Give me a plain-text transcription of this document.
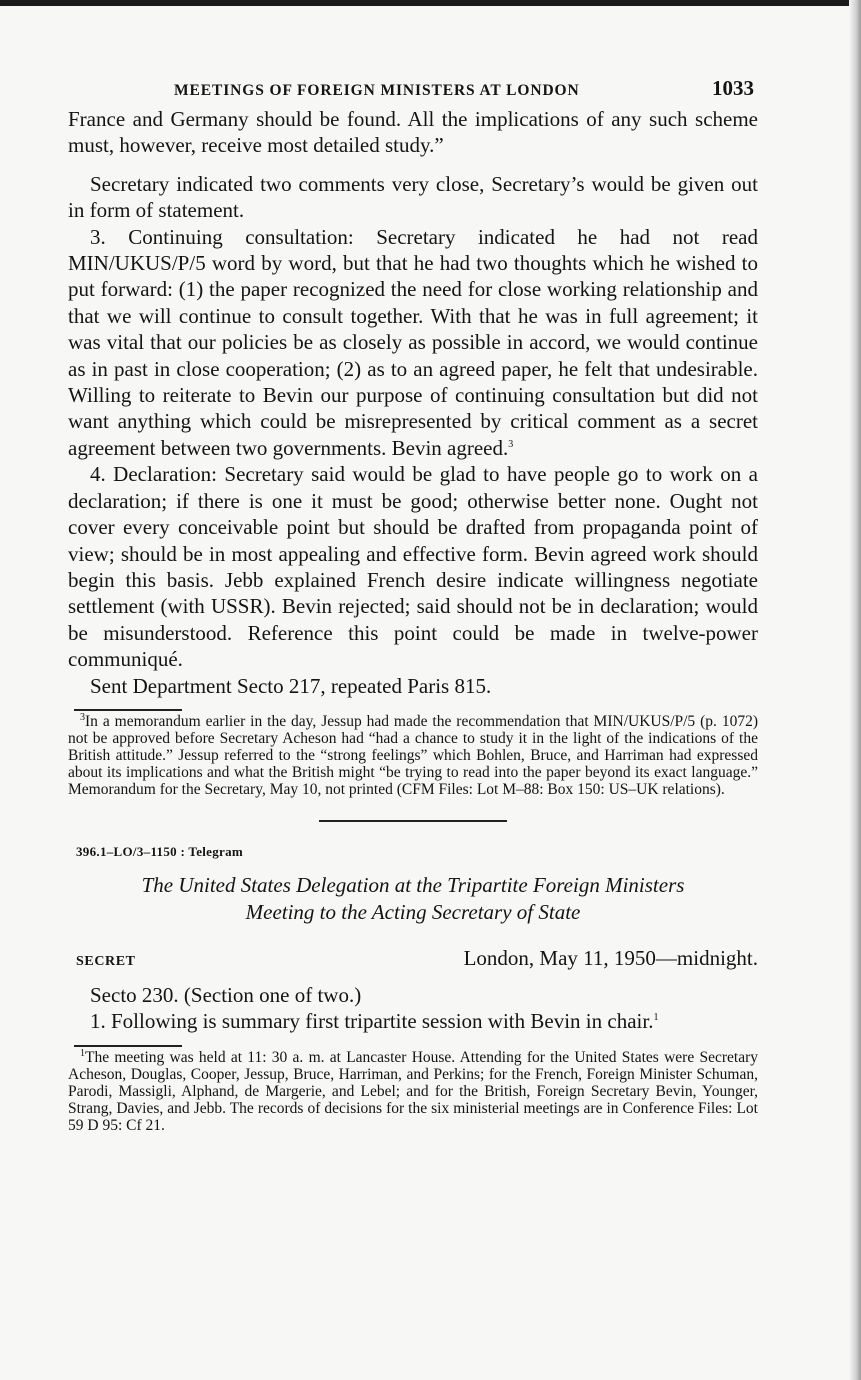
MEETINGS OF FOREIGN MINISTERS AT LONDON	1033

France and Germany should be found. All the implications of any such scheme must, however, receive most detailed study.”

Secretary indicated two comments very close, Secretary’s would be given out in form of statement.

3. Continuing consultation: Secretary indicated he had not read MIN/UKUS/P/5 word by word, but that he had two thoughts which he wished to put forward: (1) the paper recognized the need for close working relationship and that we will continue to consult together. With that he was in full agreement; it was vital that our policies be as closely as possible in accord, we would continue as in past in close cooperation; (2) as to an agreed paper, he felt that undesirable. Willing to reiterate to Bevin our purpose of continuing consultation but did not want anything which could be misrepresented by critical comment as a secret agreement between two governments. Bevin agreed.$^3$

4. Declaration: Secretary said would be glad to have people go to work on a declaration; if there is one it must be good; otherwise better none. Ought not cover every conceivable point but should be drafted from propaganda point of view; should be in most appealing and effective form. Bevin agreed work should begin this basis. Jebb explained French desire indicate willingness negotiate settlement (with USSR). Bevin rejected; said should not be in declaration; would be misunderstood. Reference this point could be made in twelve-power communiqué.

Sent Department Secto 217, repeated Paris 815.

$^3$In a memorandum earlier in the day, Jessup had made the recommendation that MIN/UKUS/P/5 (p. 1072) not be approved before Secretary Acheson had “had a chance to study it in the light of the indications of the British attitude.” Jessup referred to the “strong feelings” which Bohlen, Bruce, and Harriman had expressed about its implications and what the British might “be trying to read into the paper beyond its exact language.” Memorandum for the Secretary, May 10, not printed (CFM Files: Lot M–88: Box 150: US–UK relations).

396.1–LO/3–1150 : Telegram
The United States Delegation at the Tripartite Foreign Ministers
Meeting to the Acting Secretary of State
SECRET	London, May 11, 1950—midnight.

Secto 230. (Section one of two.)

1. Following is summary first tripartite session with Bevin in chair.$^1$

$^1$The meeting was held at 11: 30 a. m. at Lancaster House. Attending for the United States were Secretary Acheson, Douglas, Cooper, Jessup, Bruce, Harriman, and Perkins; for the French, Foreign Minister Schuman, Parodi, Massigli, Alphand, de Margerie, and Lebel; and for the British, Foreign Secretary Bevin, Younger, Strang, Davies, and Jebb. The records of decisions for the six ministerial meetings are in Conference Files: Lot 59 D 95: Cf 21.
